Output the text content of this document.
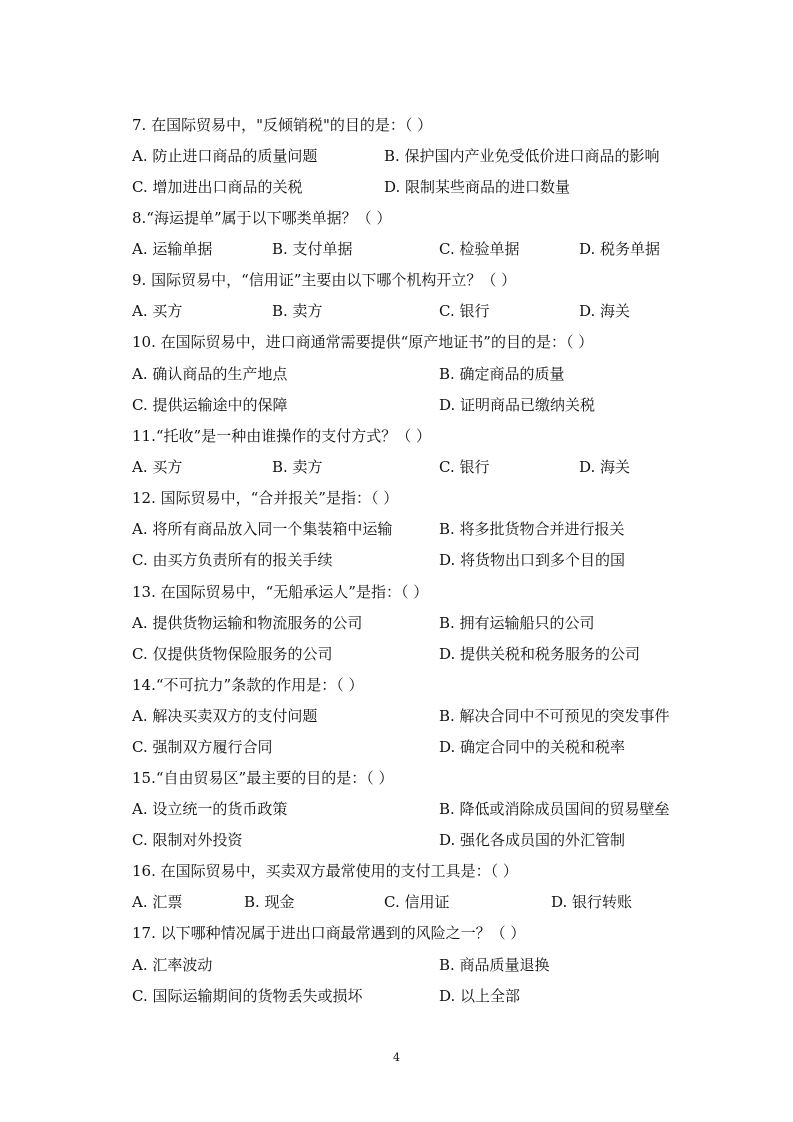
7. 在国际贸易中，"反倾销税"的目的是：（ ）
A. 防止进口商品的质量问题	B. 保护国内产业免受低价进口商品的影响
C. 增加进出口商品的关税	D. 限制某些商品的进口数量
8.“海运提单”属于以下哪类单据？（ ）
A. 运输单据	B. 支付单据	C. 检验单据	D. 税务单据
9. 国际贸易中，“信用证”主要由以下哪个机构开立？（ ）
A. 买方	B. 卖方	C. 银行	D. 海关
10. 在国际贸易中，进口商通常需要提供“原产地证书”的目的是：（ ）
A. 确认商品的生产地点	B. 确定商品的质量
C. 提供运输途中的保障	D. 证明商品已缴纳关税
11.“托收”是一种由谁操作的支付方式？（ ）
A. 买方	B. 卖方	C. 银行	D. 海关
12. 国际贸易中，“合并报关”是指：（ ）
A. 将所有商品放入同一个集装箱中运输	B. 将多批货物合并进行报关
C. 由买方负责所有的报关手续	D. 将货物出口到多个目的国
13. 在国际贸易中，“无船承运人”是指：（ ）
A. 提供货物运输和物流服务的公司	B. 拥有运输船只的公司
C. 仅提供货物保险服务的公司	D. 提供关税和税务服务的公司
14.“不可抗力”条款的作用是：（ ）
A. 解决买卖双方的支付问题	B. 解决合同中不可预见的突发事件
C. 强制双方履行合同	D. 确定合同中的关税和税率
15.“自由贸易区”最主要的目的是：（ ）
A. 设立统一的货币政策	B. 降低或消除成员国间的贸易壁垒
C. 限制对外投资	D. 强化各成员国的外汇管制
16. 在国际贸易中，买卖双方最常使用的支付工具是：（ ）
A. 汇票	B. 现金	C. 信用证	D. 银行转账
17. 以下哪种情况属于进出口商最常遇到的风险之一？（ ）
A. 汇率波动	B. 商品质量退换
C. 国际运输期间的货物丢失或损坏	D. 以上全部
4
